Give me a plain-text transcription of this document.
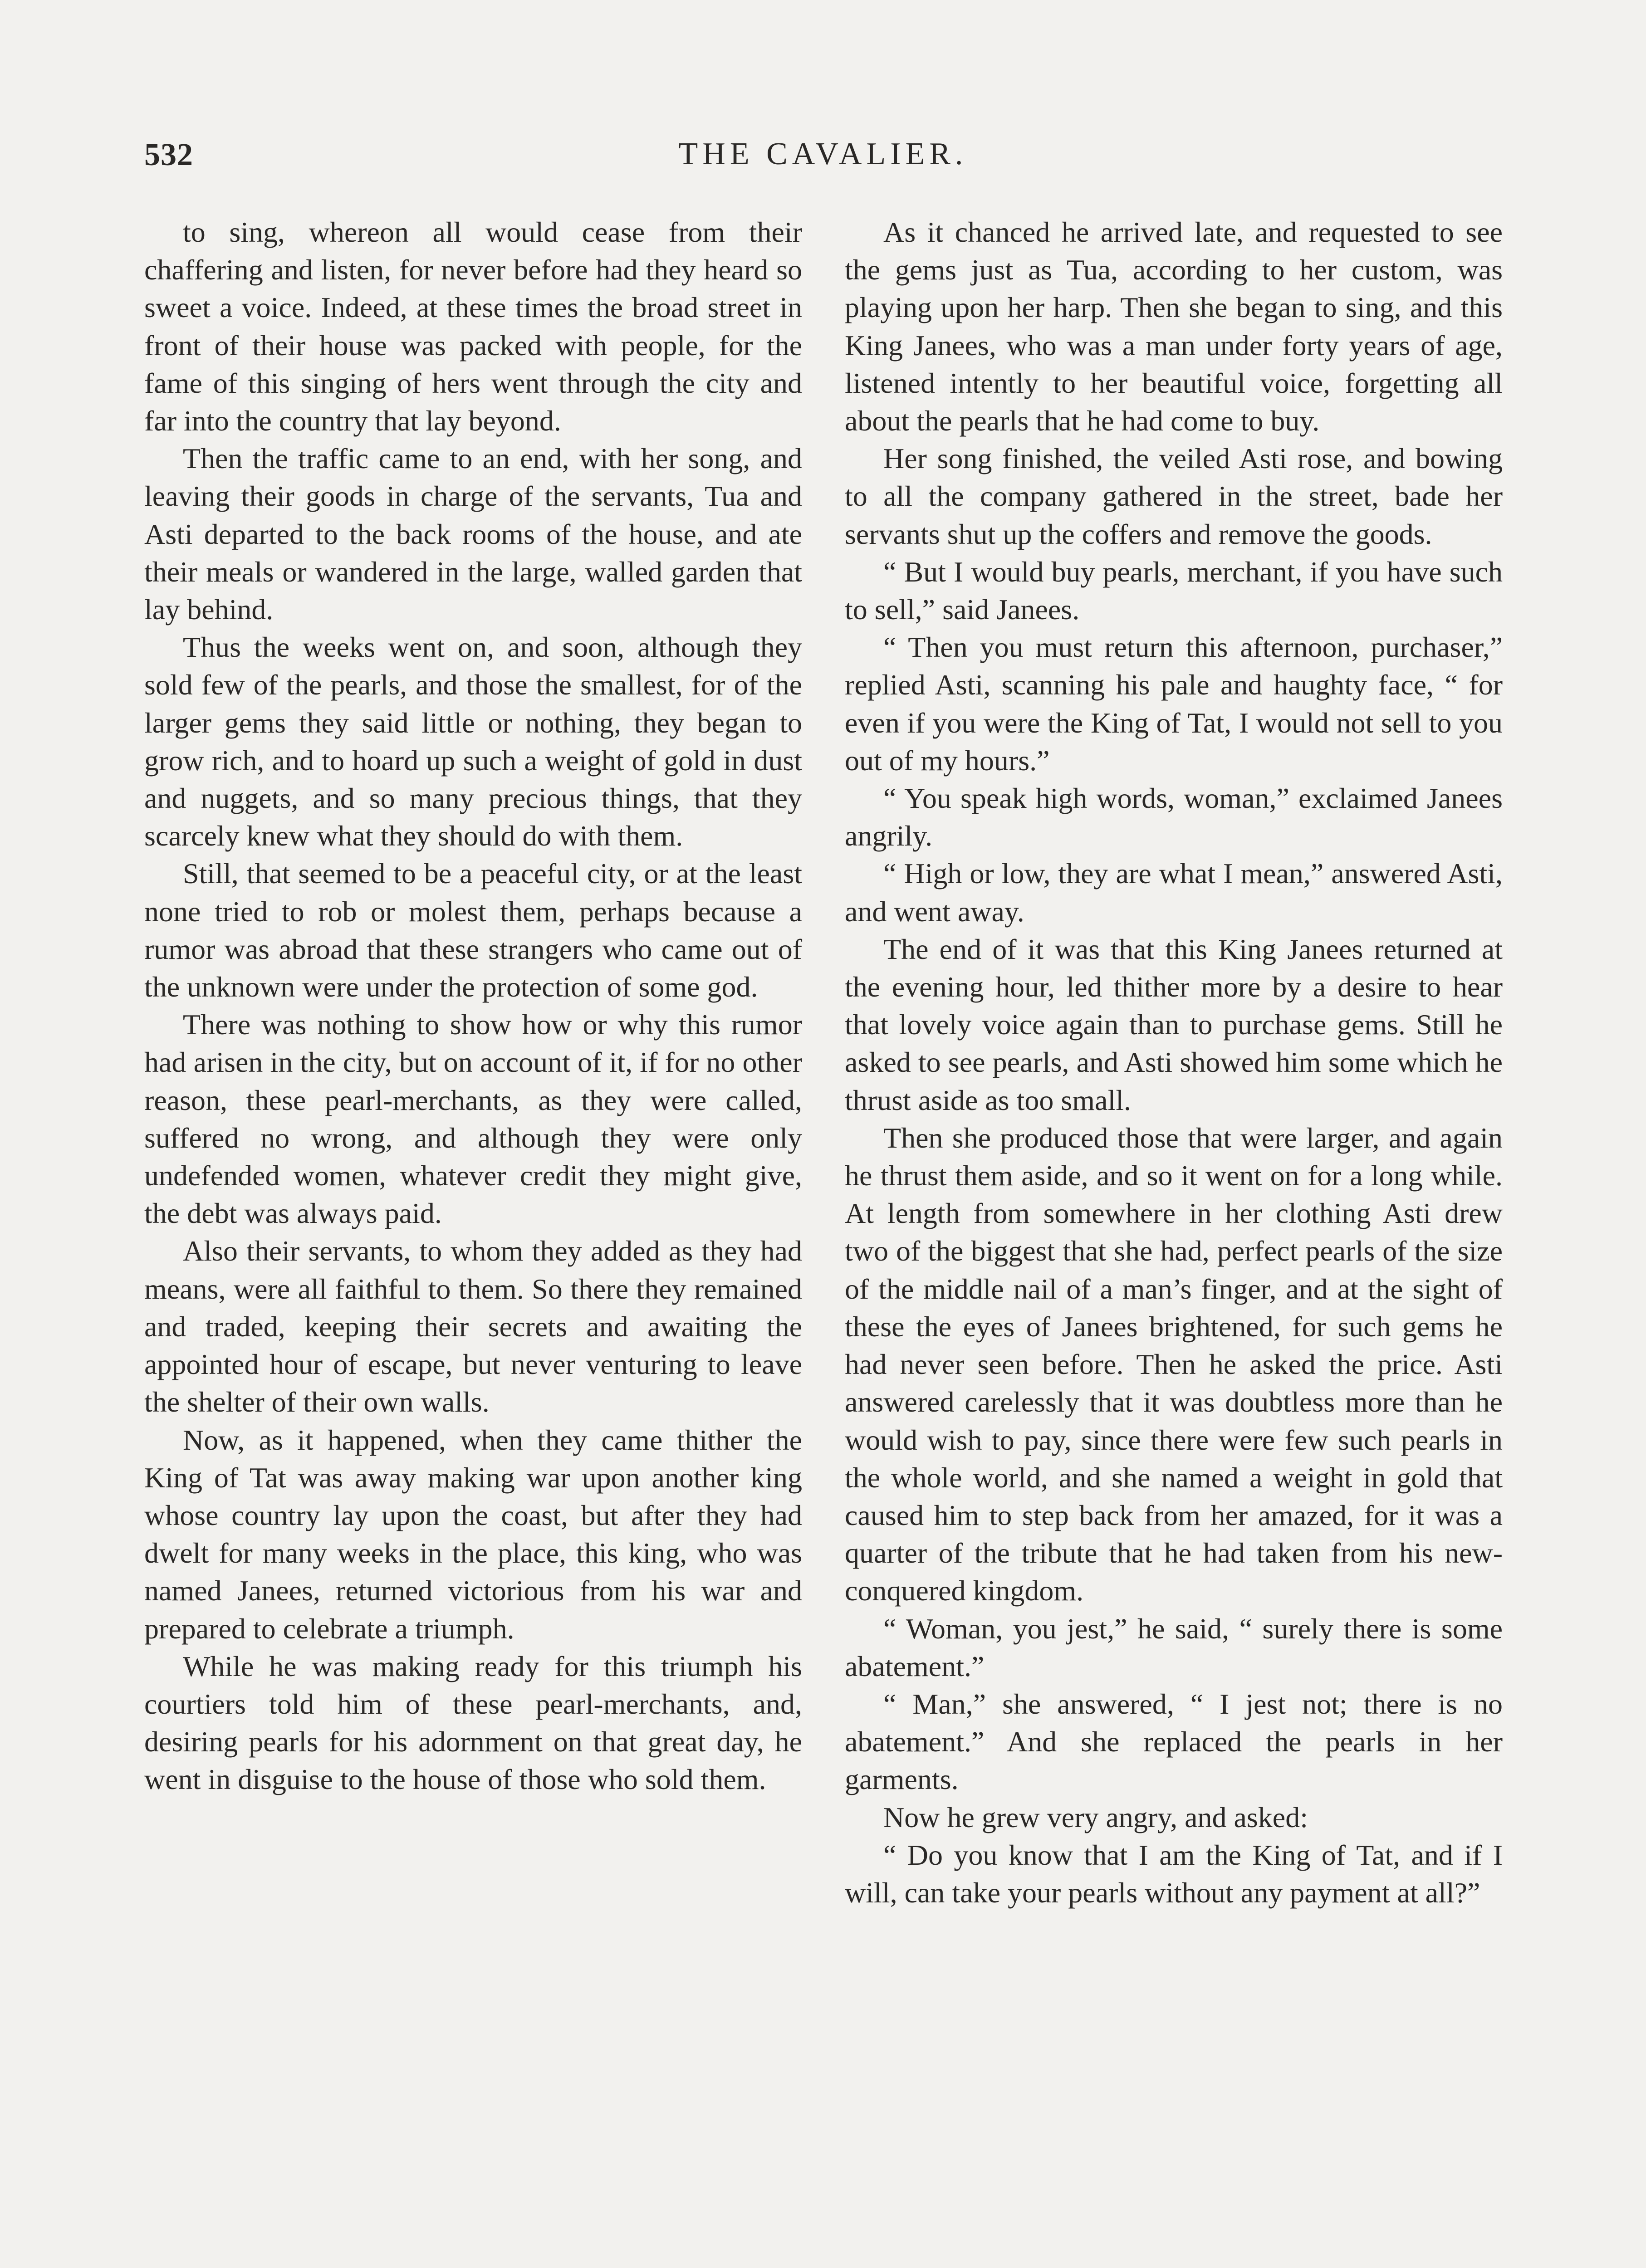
532	THE CAVALIER.

to sing, whereon all would cease from their chaffering and listen, for never before had they heard so sweet a voice. Indeed, at these times the broad street in front of their house was packed with people, for the fame of this singing of hers went through the city and far into the country that lay beyond.

Then the traffic came to an end, with her song, and leaving their goods in charge of the servants, Tua and Asti departed to the back rooms of the house, and ate their meals or wandered in the large, walled garden that lay behind.

Thus the weeks went on, and soon, although they sold few of the pearls, and those the smallest, for of the larger gems they said little or nothing, they began to grow rich, and to hoard up such a weight of gold in dust and nuggets, and so many precious things, that they scarcely knew what they should do with them.

Still, that seemed to be a peaceful city, or at the least none tried to rob or molest them, perhaps because a rumor was abroad that these strangers who came out of the unknown were under the protection of some god.

There was nothing to show how or why this rumor had arisen in the city, but on account of it, if for no other reason, these pearl-merchants, as they were called, suffered no wrong, and although they were only undefended women, whatever credit they might give, the debt was always paid.

Also their servants, to whom they added as they had means, were all faithful to them. So there they remained and traded, keeping their secrets and awaiting the appointed hour of escape, but never venturing to leave the shelter of their own walls.

Now, as it happened, when they came thither the King of Tat was away making war upon another king whose country lay upon the coast, but after they had dwelt for many weeks in the place, this king, who was named Janees, returned victorious from his war and prepared to celebrate a triumph.

While he was making ready for this triumph his courtiers told him of these pearl-merchants, and, desiring pearls for his adornment on that great day, he went in disguise to the house of those who sold them.

As it chanced he arrived late, and requested to see the gems just as Tua, according to her custom, was playing upon her harp. Then she began to sing, and this King Janees, who was a man under forty years of age, listened intently to her beautiful voice, forgetting all about the pearls that he had come to buy.

Her song finished, the veiled Asti rose, and bowing to all the company gathered in the street, bade her servants shut up the coffers and remove the goods.

“ But I would buy pearls, merchant, if you have such to sell,” said Janees.

“ Then you must return this afternoon, purchaser,” replied Asti, scanning his pale and haughty face, “ for even if you were the King of Tat, I would not sell to you out of my hours.”

“ You speak high words, woman,” exclaimed Janees angrily.

“ High or low, they are what I mean,” answered Asti, and went away.

The end of it was that this King Janees returned at the evening hour, led thither more by a desire to hear that lovely voice again than to purchase gems. Still he asked to see pearls, and Asti showed him some which he thrust aside as too small.

Then she produced those that were larger, and again he thrust them aside, and so it went on for a long while. At length from somewhere in her clothing Asti drew two of the biggest that she had, perfect pearls of the size of the middle nail of a man’s finger, and at the sight of these the eyes of Janees brightened, for such gems he had never seen before. Then he asked the price. Asti answered carelessly that it was doubtless more than he would wish to pay, since there were few such pearls in the whole world, and she named a weight in gold that caused him to step back from her amazed, for it was a quarter of the tribute that he had taken from his new-conquered kingdom.

“ Woman, you jest,” he said, “ surely there is some abatement.”

“ Man,” she answered, “ I jest not; there is no abatement.” And she replaced the pearls in her garments.

Now he grew very angry, and asked:

“ Do you know that I am the King of Tat, and if I will, can take your pearls without any payment at all?”
